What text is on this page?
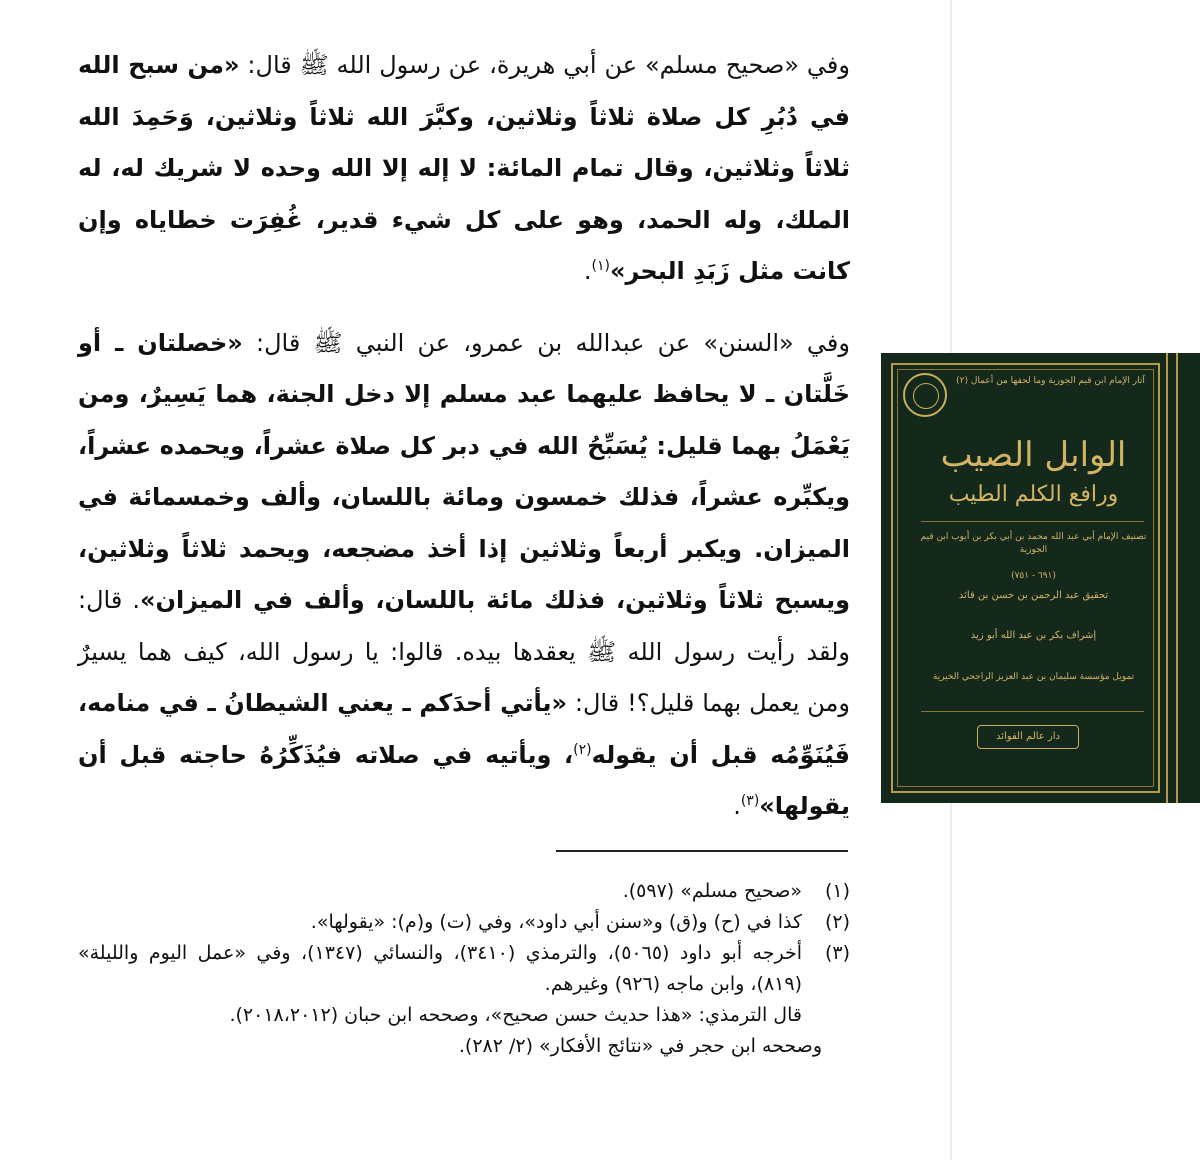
وفي «صحيح مسلم» عن أبي هريرة، عن رسول الله ﷺ قال: «من سبح الله في دُبُرِ كل صلاة ثلاثاً وثلاثين، وكبَّرَ الله ثلاثاً وثلاثين، وَحَمِدَ الله ثلاثاً وثلاثين، وقال تمام المائة: لا إله إلا الله وحده لا شريك له، له الملك، وله الحمد، وهو على كل شيء قدير، غُفِرَت خطاياه وإن كانت مثل زَبَدِ البحر»$^{(١)}$.

وفي «السنن» عن عبدالله بن عمرو، عن النبي ﷺ قال: «خصلتان ـ أو خَلَّتان ـ لا يحافظ عليهما عبد مسلم إلا دخل الجنة، هما يَسِيرٌ، ومن يَعْمَلُ بهما قليل: يُسَبِّحُ الله في دبر كل صلاة عشراً، ويحمده عشراً، ويكبِّره عشراً، فذلك خمسون ومائة باللسان، وألف وخمسمائة في الميزان. ويكبر أربعاً وثلاثين إذا أخذ مضجعه، ويحمد ثلاثاً وثلاثين، ويسبح ثلاثاً وثلاثين، فذلك مائة باللسان، وألف في الميزان». قال: ولقد رأيت رسول الله ﷺ يعقدها بيده. قالوا: يا رسول الله، كيف هما يسيرٌ ومن يعمل بهما قليل؟! قال: «يأتي أحدَكم ـ يعني الشيطانُ ـ في منامه، فَيُنَوِّمُه قبل أن يقوله$^{(٢)}$، ويأتيه في صلاته فيُذَكِّرُهُ حاجته قبل أن يقولها»$^{(٣)}$.

(١)
«صحيح مسلم» (٥٩٧).
(٢)
كذا في (ح) و(ق) و«سنن أبي داود»، وفي (ت) و(م): «يقولها».
(٣)
أخرجه أبو داود (٥٠٦٥)، والترمذي (٣٤١٠)، والنسائي (١٣٤٧)، وفي «عمل اليوم والليلة» (٨١٩)، وابن ماجه (٩٢٦) وغيرهم.
قال الترمذي: «هذا حديث حسن صحيح»، وصححه ابن حبان (٢٠١٨،٢٠١٢).
وصححه ابن حجر في «نتائج الأفكار» (٢/ ٢٨٢).
آثار الإمام ابن قيم الجوزية وما لحقها من أعمال (٢)
الوابل الصيب
ورافع الكلم الطيب
تصنيف الإمام أبي عبد الله محمد بن أبي بكر بن أيوب ابن قيم الجوزية
(٦٩١ - ٧٥١)
تحقيق عبد الرحمن بن حسن بن قائد
إشراف بكر بن عبد الله أبو زيد
تمويل مؤسسة سليمان بن عبد العزيز الراجحي الخيرية
دار عالم الفوائد
